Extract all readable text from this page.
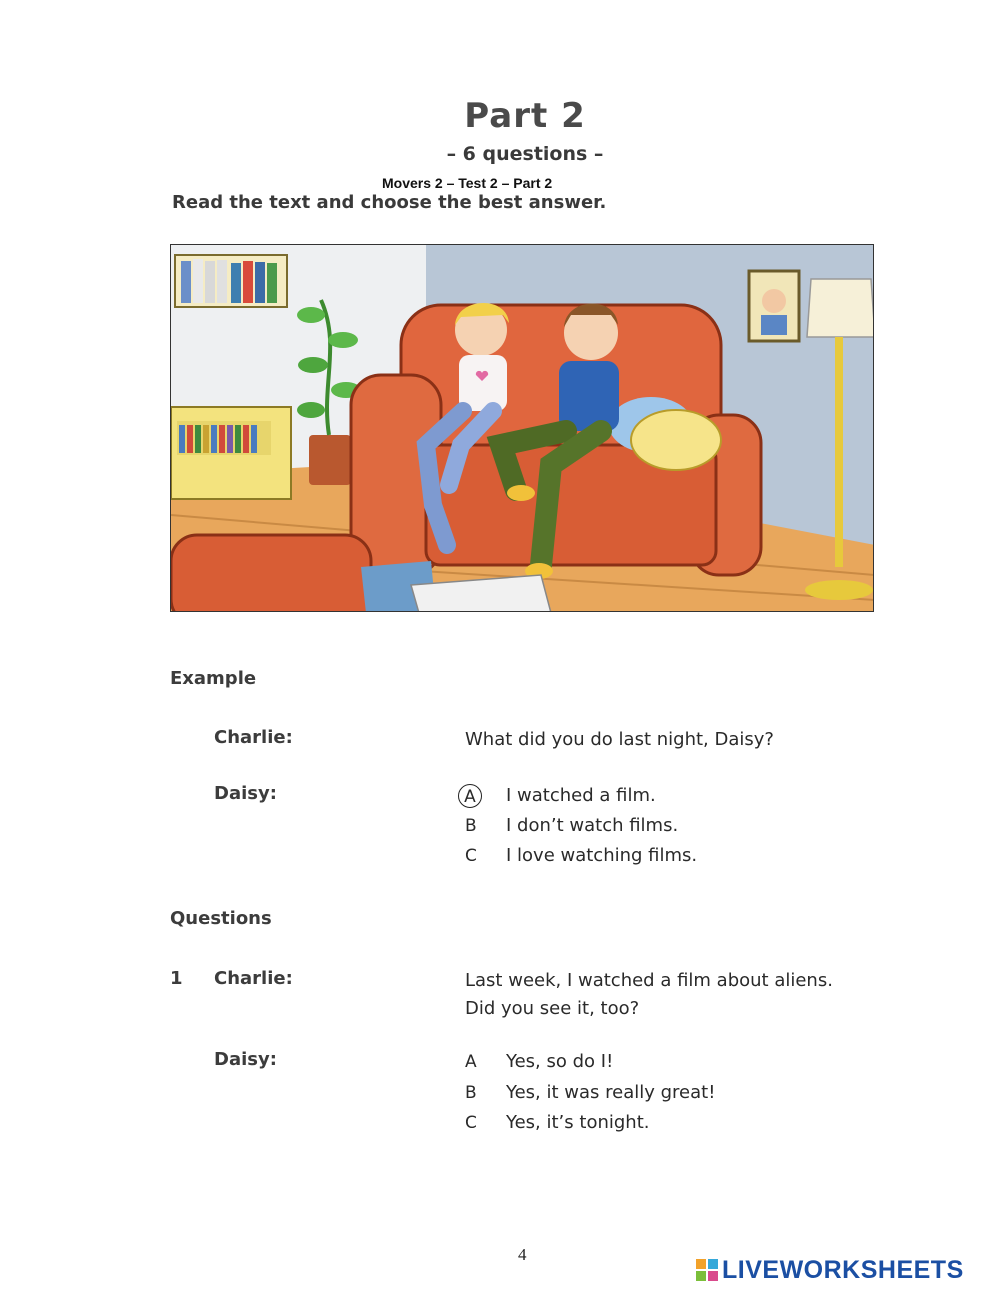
Part 2
– 6 questions –
Movers 2 – Test 2 – Part 2
Read the text and choose the best answer.
Example
Charlie:	What did you do last night, Daisy?
Daisy:	A	I watched a film.
B I don’t watch films.
C I love watching films.
Questions
1 Charlie:	Last week, I watched a film about aliens.
Did you see it, too?
Daisy:	A Yes, so do I!
B Yes, it was really great!
C Yes, it’s tonight.
4
LIVEWORKSHEETS
